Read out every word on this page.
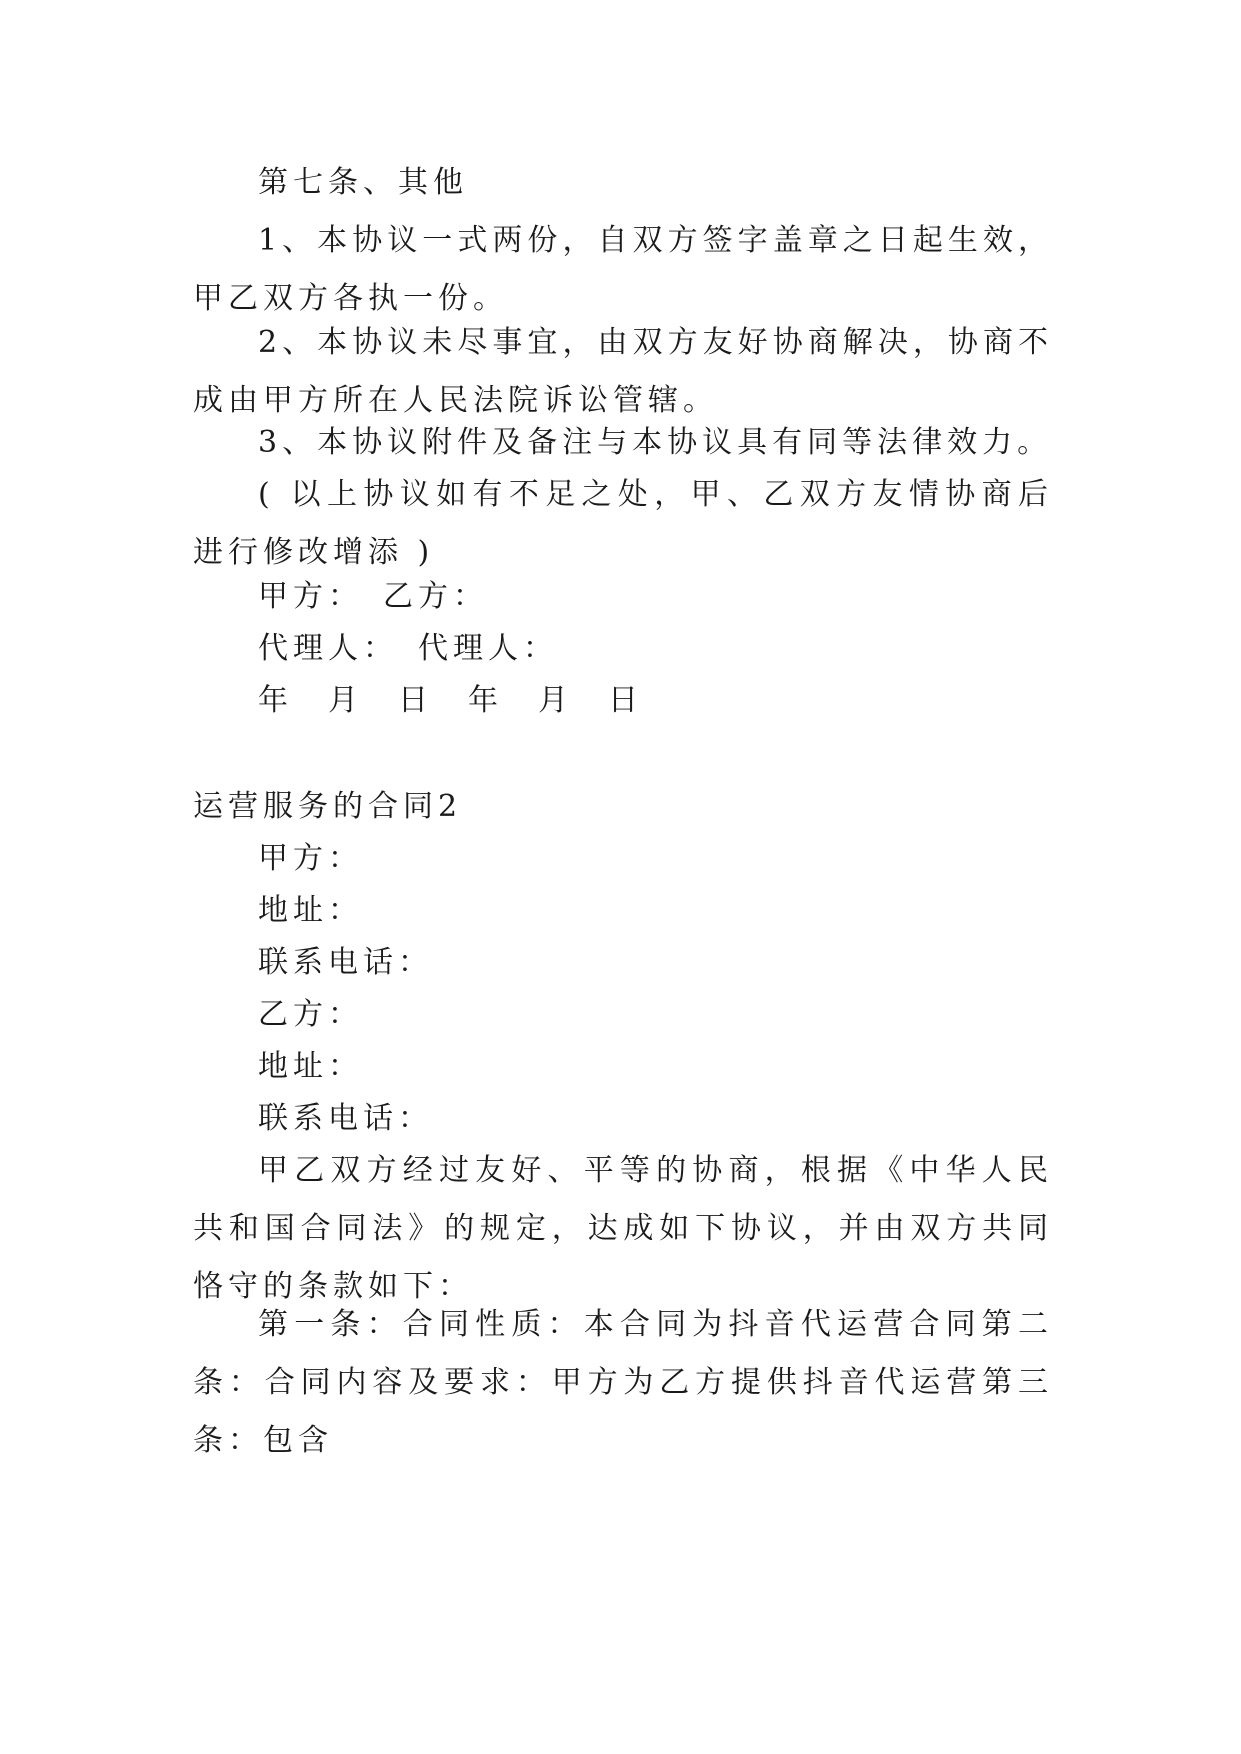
第七条、其他

1、本协议一式两份，自双方签字盖章之日起生效，甲乙双方各执一份。

2、本协议未尽事宜，由双方友好协商解决，协商不成由甲方所在人民法院诉讼管辖。

3、本协议附件及备注与本协议具有同等法律效力。

( 以上协议如有不足之处，甲、乙双方友情协商后进行修改增添 )

甲方：　乙方：

代理人：　代理人：

年　月　日　年　月　日

运营服务的合同2

甲方：

地址：

联系电话：

乙方：

地址：

联系电话：

甲乙双方经过友好、平等的协商，根据《中华人民共和国合同法》的规定，达成如下协议，并由双方共同恪守的条款如下：

第一条：合同性质：本合同为抖音代运营合同第二条：合同内容及要求：甲方为乙方提供抖音代运营第三条：包含
